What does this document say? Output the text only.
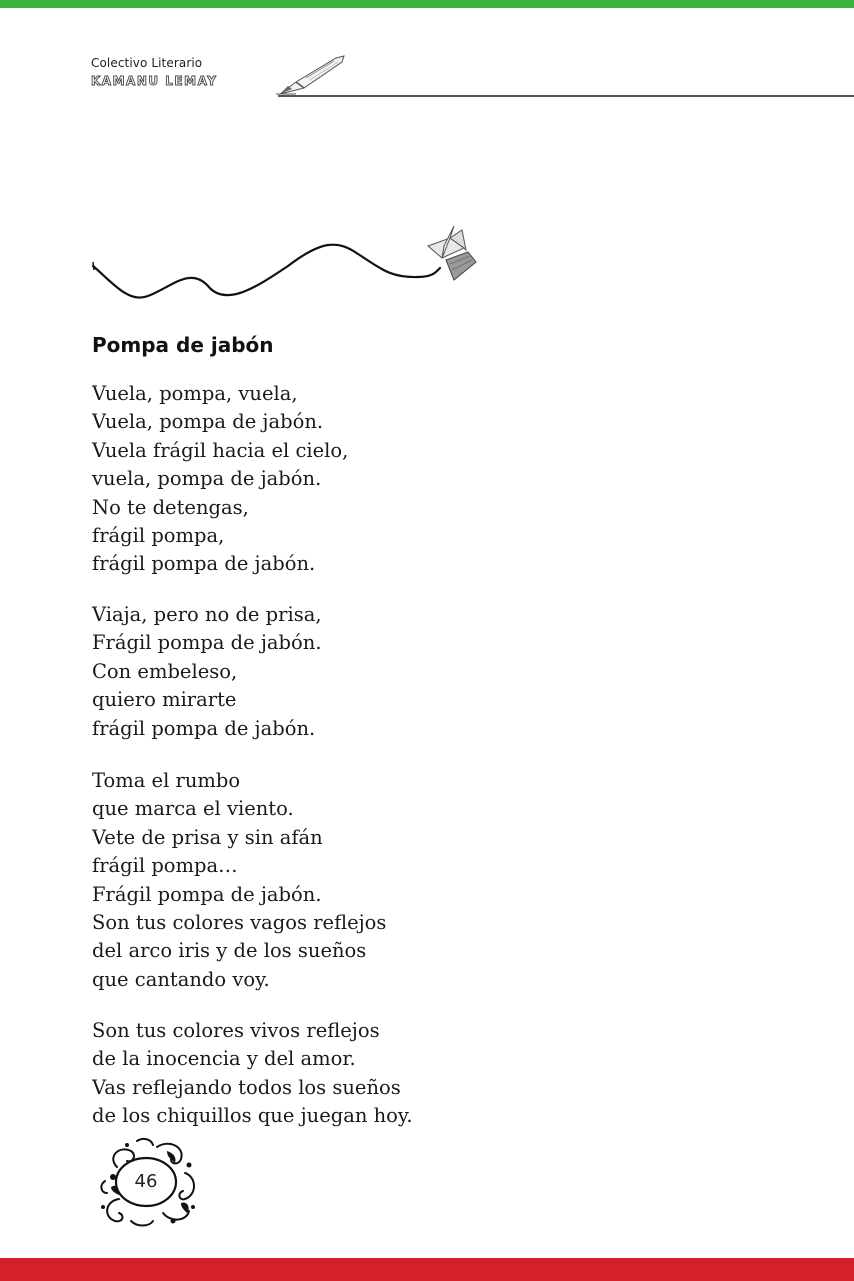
Colectivo Literario
KAMANU LEMAY
Pompa de jabón
Vuela, pompa, vuela,
Vuela, pompa de jabón.
Vuela frágil hacia el cielo,
vuela, pompa de jabón.
No te detengas,
frágil pompa,
frágil pompa de jabón.
Viaja, pero no de prisa,
Frágil pompa de jabón.
Con embeleso,
quiero mirarte
frágil pompa de jabón.
Toma el rumbo
que marca el viento.
Vete de prisa y sin afán
frágil pompa…
Frágil pompa de jabón.
Son tus colores vagos reflejos
del arco iris y de los sueños
que cantando voy.
Son tus colores vivos reflejos
de la inocencia y del amor.
Vas reflejando todos los sueños
de los chiquillos que juegan hoy.
46
